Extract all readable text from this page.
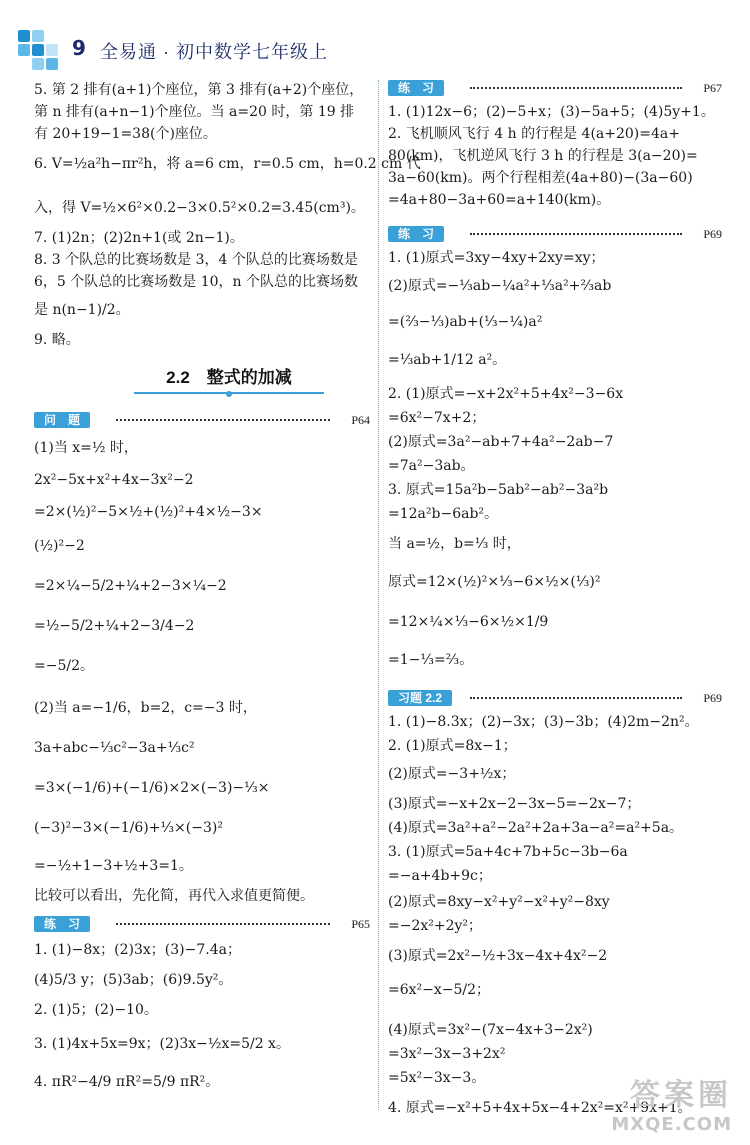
9 全易通 · 初中数学七年级上
5. 第 2 排有(a+1)个座位，第 3 排有(a+2)个座位，
第 n 排有(a+n−1)个座位。当 a=20 时，第 19 排
有 20+19−1=38(个)座位。
6. V=½a²h−πr²h，将 a=6 cm，r=0.5 cm，h=0.2 cm 代
入，得 V=½×6²×0.2−3×0.5²×0.2=3.45(cm³)。
7. (1)2n；(2)2n+1(或 2n−1)。
8. 3 个队总的比赛场数是 3，4 个队总的比赛场数是
6，5 个队总的比赛场数是 10，n 个队总的比赛场数
是 n(n−1)/2。
9. 略。
2.2　整式的加减
问　题	P64
(1)当 x=½ 时，
2x²−5x+x²+4x−3x²−2
=2×(½)²−5×½+(½)²+4×½−3×
(½)²−2
=2×¼−5/2+¼+2−3×¼−2
=½−5/2+¼+2−3/4−2
=−5/2。
(2)当 a=−1/6，b=2，c=−3 时，
3a+abc−⅓c²−3a+⅓c²
=3×(−1/6)+(−1/6)×2×(−3)−⅓×
(−3)²−3×(−1/6)+⅓×(−3)²
=−½+1−3+½+3=1。
比较可以看出，先化简，再代入求值更简便。
练　习	P65
1. (1)−8x；(2)3x；(3)−7.4a；
(4)5/3 y；(5)3ab；(6)9.5y²。
2. (1)5；(2)−10。
3. (1)4x+5x=9x；(2)3x−½x=5/2 x。
4. πR²−4/9 πR²=5/9 πR²。
练　习	P67
1. (1)12x−6；(2)−5+x；(3)−5a+5；(4)5y+1。
2. 飞机顺风飞行 4 h 的行程是 4(a+20)=4a+
80(km)，飞机逆风飞行 3 h 的行程是 3(a−20)=
3a−60(km)。两个行程相差(4a+80)−(3a−60)
=4a+80−3a+60=a+140(km)。
练　习	P69
1. (1)原式=3xy−4xy+2xy=xy；
(2)原式=−⅓ab−¼a²+⅓a²+⅔ab
=(⅔−⅓)ab+(⅓−¼)a²
=⅓ab+1/12 a²。
2. (1)原式=−x+2x²+5+4x²−3−6x
=6x²−7x+2；
(2)原式=3a²−ab+7+4a²−2ab−7
=7a²−3ab。
3. 原式=15a²b−5ab²−ab²−3a²b
=12a²b−6ab²。
当 a=½，b=⅓ 时，
原式=12×(½)²×⅓−6×½×(⅓)²
=12×¼×⅓−6×½×1/9
=1−⅓=⅔。
习题 2.2	P69
1. (1)−8.3x；(2)−3x；(3)−3b；(4)2m−2n²。
2. (1)原式=8x−1；
(2)原式=−3+½x；
(3)原式=−x+2x−2−3x−5=−2x−7；
(4)原式=3a²+a²−2a²+2a+3a−a²=a²+5a。
3. (1)原式=5a+4c+7b+5c−3b−6a
=−a+4b+9c；
(2)原式=8xy−x²+y²−x²+y²−8xy
=−2x²+2y²；
(3)原式=2x²−½+3x−4x+4x²−2
=6x²−x−5/2；
(4)原式=3x²−(7x−4x+3−2x²)
=3x²−3x−3+2x²
=5x²−3x−3。
4. 原式=−x²+5+4x+5x−4+2x²=x²+9x+1。
答案圈
MXQE.COM
